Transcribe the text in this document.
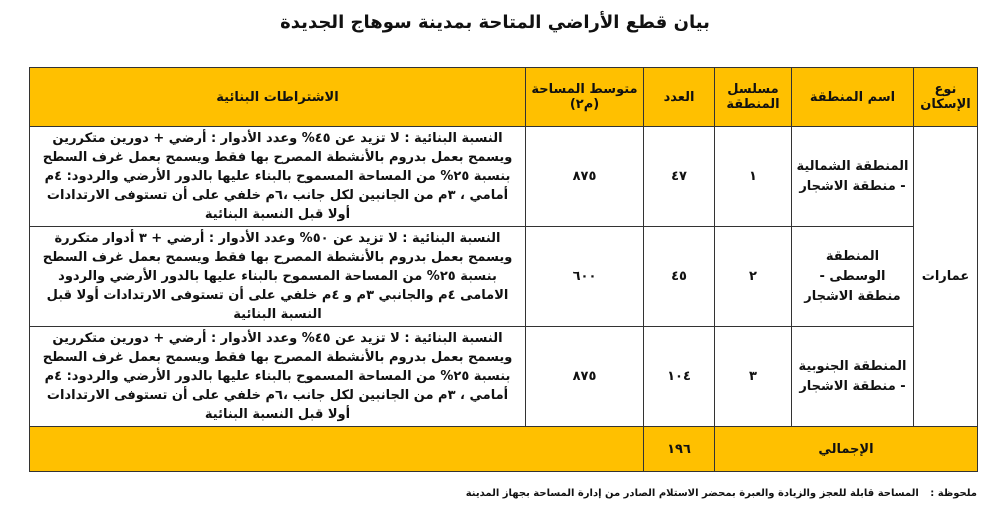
بيان قطع الأراضي المتاحة بمدينة سوهاج الجديدة
نوع الإسكان	اسم المنطقة	مسلسل المنطقة	العدد	متوسط المساحة (م٢)	الاشتراطات البنائية
عمارات	المنطقة الشمالية - منطقة الاشجار	١	٤٧	٨٧٥	النسبة البنائية : لا تزيد عن ٤٥% وعدد الأدوار : أرضي + دورين متكررين ويسمح بعمل بدروم بالأنشطة المصرح بها فقط ويسمح بعمل غرف السطح بنسبة ٢٥% من المساحة المسموح بالبناء عليها بالدور الأرضي والردود: ٤م أمامي ، ٣م من الجانبين لكل جانب ،٦م خلفي على أن تستوفى الارتدادات أولا قبل النسبة البنائية
	المنطقة الوسطى - منطقة الاشجار	٢	٤٥	٦٠٠	النسبة البنائية : لا تزيد عن ٥٠% وعدد الأدوار : أرضي + ٣ أدوار متكررة ويسمح بعمل بدروم بالأنشطة المصرح بها فقط ويسمح بعمل غرف السطح بنسبة ٢٥% من المساحة المسموح بالبناء عليها بالدور الأرضي والردود الامامى ٤م والجانبي ٣م و ٤م خلفي على أن تستوفى الارتدادات أولا قبل النسبة البنائية
	المنطقة الجنوبية - منطقة الاشجار	٣	١٠٤	٨٧٥	النسبة البنائية : لا تزيد عن ٤٥% وعدد الأدوار : أرضي + دورين متكررين ويسمح بعمل بدروم بالأنشطة المصرح بها فقط ويسمح بعمل غرف السطح بنسبة ٢٥% من المساحة المسموح بالبناء عليها بالدور الأرضي والردود: ٤م أمامي ، ٣م من الجانبين لكل جانب ،٦م خلفي على أن تستوفى الارتدادات أولا قبل النسبة البنائية
الإجمالي			١٩٦		
ملحوظة : المساحة قابلة للعجز والزيادة والعبرة بمحضر الاستلام الصادر من إدارة المساحة بجهاز المدينة
